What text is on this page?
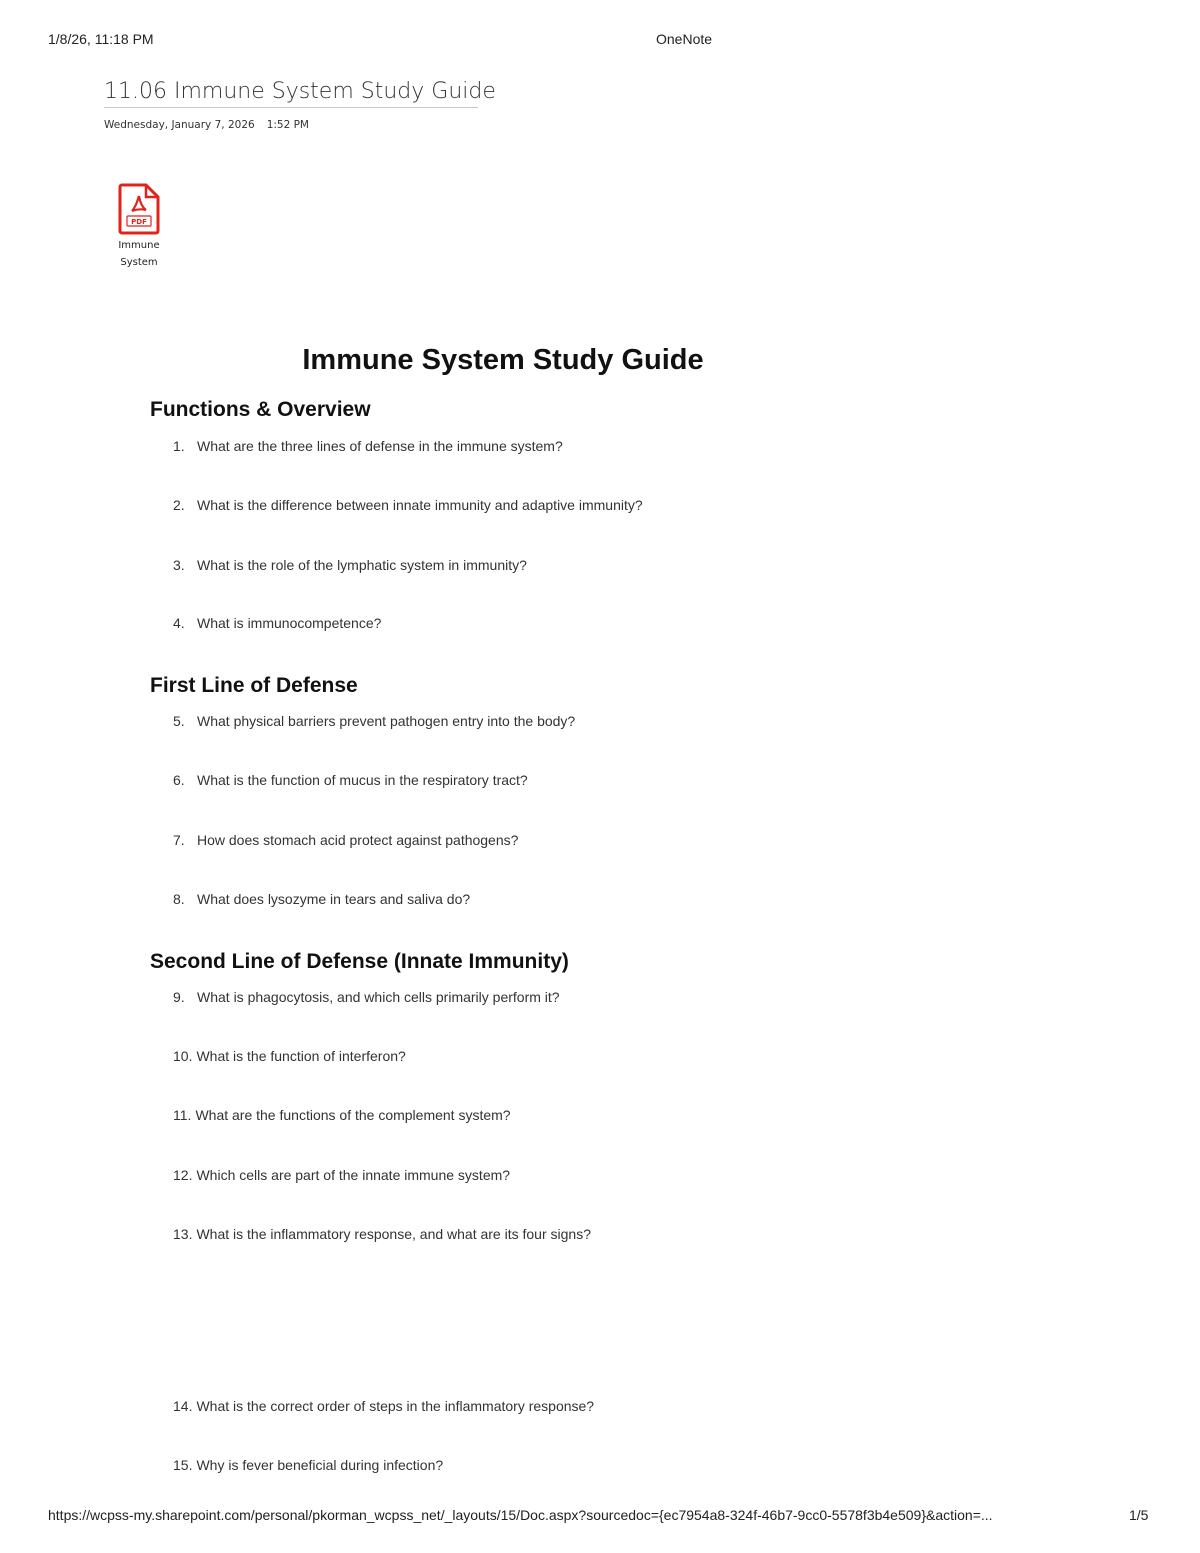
1/8/26, 11:18 PM	OneNote
11.06 Immune System Study Guide
Wednesday, January 7, 2026 1:52 PM
PDF
Immune
System
Immune System Study Guide
Functions & Overview
1. What are the three lines of defense in the immune system?
2. What is the difference between innate immunity and adaptive immunity?
3. What is the role of the lymphatic system in immunity?
4. What is immunocompetence?
First Line of Defense
5. What physical barriers prevent pathogen entry into the body?
6. What is the function of mucus in the respiratory tract?
7. How does stomach acid protect against pathogens?
8. What does lysozyme in tears and saliva do?
Second Line of Defense (Innate Immunity)
9. What is phagocytosis, and which cells primarily perform it?
10. What is the function of interferon?
11. What are the functions of the complement system?
12. Which cells are part of the innate immune system?
13. What is the inflammatory response, and what are its four signs?
14. What is the correct order of steps in the inflammatory response?
15. Why is fever beneficial during infection?
https://wcpss-my.sharepoint.com/personal/pkorman_wcpss_net/_layouts/15/Doc.aspx?sourcedoc={ec7954a8-324f-46b7-9cc0-5578f3b4e509}&action=...	1/5
